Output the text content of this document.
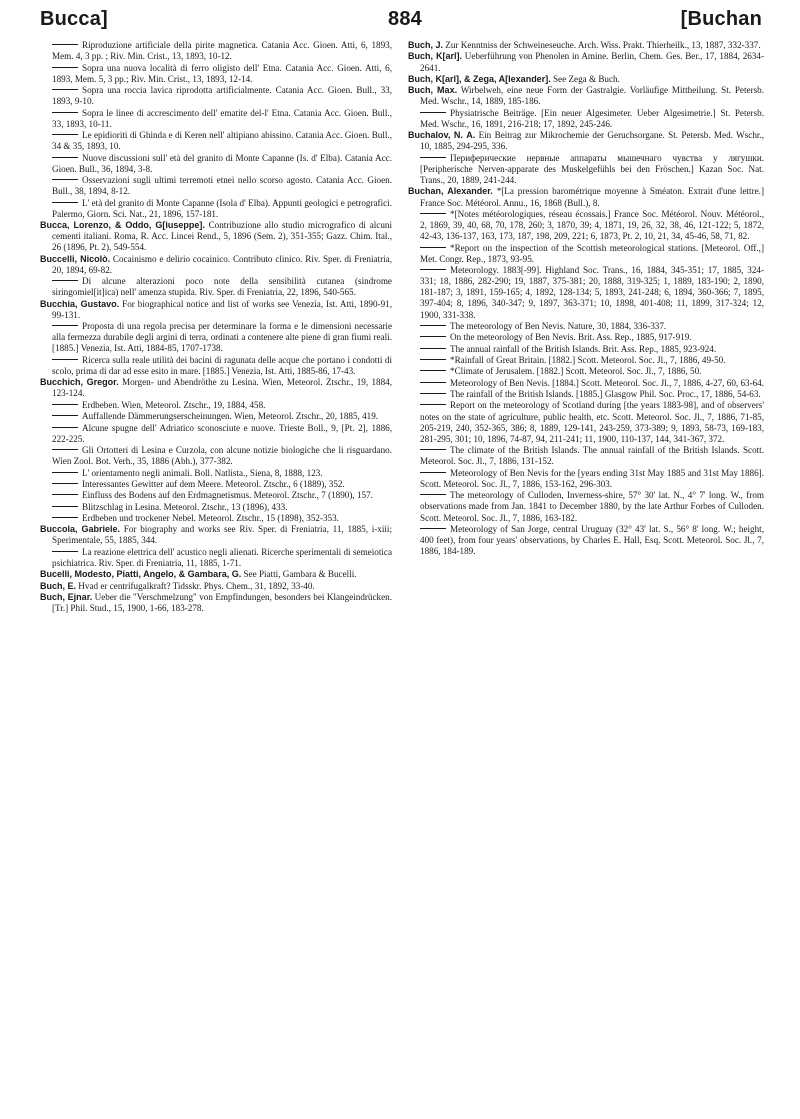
Bucca]	884	[Buchan

Riproduzione artificiale della pirite magnetica. Catania Acc. Gioen. Atti, 6, 1893, Mem. 4, 3 pp. ; Riv. Min. Crist., 13, 1893, 10-12.

Sopra una nuova località di ferro oligisto dell' Etna. Catania Acc. Gioen. Atti, 6, 1893, Mem. 5, 3 pp.; Riv. Min. Crist., 13, 1893, 12-14.

Sopra una roccia lavica riprodotta artificialmente. Catania Acc. Gioen. Bull., 33, 1893, 9-10.

Sopra le linee di accrescimento dell' ematite del-l' Etna. Catania Acc. Gioen. Bull., 33, 1893, 10-11.

Le epidioriti di Ghinda e di Keren nell' altipiano abissino. Catania Acc. Gioen. Bull., 34 & 35, 1893, 10.

Nuove discussioni sull' età del granito di Monte Capanne (Is. d' Elba). Catania Acc. Gioen. Bull., 36, 1894, 3-8.

Osservazioni sugli ultimi terremoti etnei nello scorso agosto. Catania Acc. Gioen. Bull., 38, 1894, 8-12.

L' età del granito di Monte Capanne (Isola d' Elba). Appunti geologici e petrografici. Palermo, Giorn. Sci. Nat., 21, 1896, 157-181.

Bucca, Lorenzo, & Oddo, G[iuseppe]. Contribuzione allo studio micrografico di alcuni cementi italiani. Roma, R. Acc. Lincei Rend., 5, 1896 (Sem. 2), 351-355; Gazz. Chim. Ital., 26 (1896, Pt. 2), 549-554.

Buccelli, Nicolò. Cocainismo e delirio cocainico. Contributo clinico. Riv. Sper. di Freniatria, 20, 1894, 69-82.

Di alcune alterazioni poco note della sensibilità cutanea (sindrome siringomiel[it]ica) nell' amenza stupida. Riv. Sper. di Freniatria, 22, 1896, 540-565.

Bucchia, Gustavo. For biographical notice and list of works see Venezia, Ist. Atti, 1890-91, 99-131.

Proposta di una regola precisa per determinare la forma e le dimensioni necessarie alla fermezza durabile degli argini di terra, ordinati a contenere alte piene di gran fiumi reali. [1885.] Venezia, Ist. Atti, 1884-85, 1707-1738.

Ricerca sulla reale utilità dei bacini di ragunata delle acque che portano i condotti di scolo, prima di dar ad esse esito in mare. [1885.] Venezia, Ist. Atti, 1885-86, 17-43.

Bucchich, Gregor. Morgen- und Abendröthe zu Lesina. Wien, Meteorol. Ztschr., 19, 1884, 123-124.

Erdbeben. Wien, Meteorol. Ztschr., 19, 1884, 458.

Auffallende Dämmerungserscheinungen. Wien, Meteorol. Ztschr., 20, 1885, 419.

Alcune spugne dell' Adriatico sconosciute e nuove. Trieste Boll., 9, [Pt. 2], 1886, 222-225.

Gli Ortotteri di Lesina e Curzola, con alcune notizie biologiche che li risguardano. Wien Zool. Bot. Verh., 35, 1886 (Abh.), 377-382.

L' orientamento negli animali. Boll. Natlista., Siena, 8, 1888, 123.

Interessantes Gewitter auf dem Meere. Meteorol. Ztschr., 6 (1889), 352.

Einfluss des Bodens auf den Erdmagnetismus. Meteorol. Ztschr., 7 (1890), 157.

Blitzschlag in Lesina. Meteorol. Ztschr., 13 (1896), 433.

Erdbeben und trockener Nebel. Meteorol. Ztschr., 15 (1898), 352-353.

Buccola, Gabriele. For biography and works see Riv. Sper. di Freniatria, 11, 1885, i-xiii; Sperimentale, 55, 1885, 344.

La reazione elettrica dell' acustico negli alienati. Ricerche sperimentali di semeiotica psichiatrica. Riv. Sper. di Freniatria, 11, 1885, 1-71.

Bucelli, Modesto, Piatti, Angelo, & Gambara, G. See Piatti, Gambara & Bucelli.

Buch, E. Hvad er centrifugalkraft? Tidsskr. Phys. Chem., 31, 1892, 33-40.

Buch, Ejnar. Ueber die "Verschmelzung" von Empfindungen, besonders bei Klangeindrücken. [Tr.] Phil. Stud., 15, 1900, 1-66, 183-278.

Buch, J. Zur Kenntniss der Schweineseuche. Arch. Wiss. Prakt. Thierheilk., 13, 1887, 332-337.

Buch, K[arl]. Ueberführung von Phenolen in Amine. Berlin, Chem. Ges. Ber., 17, 1884, 2634-2641.

Buch, K[arl], & Zega, A[lexander]. See Zega & Buch.

Buch, Max. Wirbelweh, eine neue Form der Gastralgie. Vorläufige Mittheilung. St. Petersb. Med. Wschr., 14, 1889, 185-186.

Physiatrische Beiträge. [Ein neuer Algesimeter. Ueber Algesimetrie.] St. Petersb. Med. Wschr., 16, 1891, 216-218; 17, 1892, 245-246.

Buchalov, N. A. Ein Beitrag zur Mikrochemie der Geruchsorgane. St. Petersb. Med. Wschr., 10, 1885, 294-295, 336.

Периферические нервные аппараты мышечнаго чувства у лягушки. [Peripherische Nerven-apparate des Muskelgefühls bei den Fröschen.] Kazan Soc. Nat. Trans., 20, 1889, 241-244.

Buchan, Alexander. *[La pression barométrique moyenne à Sméaton. Extrait d'une lettre.] France Soc. Météorol. Annu., 16, 1868 (Bull.), 8.

*[Notes météorologiques, réseau écossais.] France Soc. Météorol. Nouv. Météorol., 2, 1869, 39, 40, 68, 70, 178, 260; 3, 1870, 39; 4, 1871, 19, 26, 32, 38, 46, 121-122; 5, 1872, 42-43, 136-137, 163, 173, 187, 198, 209, 221; 6, 1873, Pt. 2, 10, 21, 34, 45-46, 58, 71, 82.

*Report on the inspection of the Scottish meteorological stations. [Meteorol. Off.,] Met. Congr. Rep., 1873, 93-95.

Meteorology. 1883[-99]. Highland Soc. Trans., 16, 1884, 345-351; 17, 1885, 324-331; 18, 1886, 282-290; 19, 1887, 375-381; 20, 1888, 319-325; 1, 1889, 183-190; 2, 1890, 181-187; 3, 1891, 159-165; 4, 1892, 128-134; 5, 1893, 241-248; 6, 1894, 360-366; 7, 1895, 397-404; 8, 1896, 340-347; 9, 1897, 363-371; 10, 1898, 401-408; 11, 1899, 317-324; 12, 1900, 331-338.

The meteorology of Ben Nevis. Nature, 30, 1884, 336-337.

On the meteorology of Ben Nevis. Brit. Ass. Rep., 1885, 917-919.

The annual rainfall of the British Islands. Brit. Ass. Rep., 1885, 923-924.

*Rainfall of Great Britain. [1882.] Scott. Meteorol. Soc. Jl., 7, 1886, 49-50.

*Climate of Jerusalem. [1882.] Scott. Meteorol. Soc. Jl., 7, 1886, 50.

Meteorology of Ben Nevis. [1884.] Scott. Meteorol. Soc. Jl., 7, 1886, 4-27, 60, 63-64.

The rainfall of the British Islands. [1885.] Glasgow Phil. Soc. Proc., 17, 1886, 54-63.

Report on the meteorology of Scotland during [the years 1883-98], and of observers' notes on the state of agriculture, public health, etc. Scott. Meteorol. Soc. Jl., 7, 1886, 71-85, 205-219, 240, 352-365, 386; 8, 1889, 129-141, 243-259, 373-389; 9, 1893, 58-73, 169-183, 281-295, 301; 10, 1896, 74-87, 94, 211-241; 11, 1900, 110-137, 144, 341-367, 372.

The climate of the British Islands. The annual rainfall of the British Islands. Scott. Meteorol. Soc. Jl., 7, 1886, 131-152.

Meteorology of Ben Nevis for the [years ending 31st May 1885 and 31st May 1886]. Scott. Meteorol. Soc. Jl., 7, 1886, 153-162, 296-303.

The meteorology of Culloden, Inverness-shire, 57° 30' lat. N., 4° 7' long. W., from observations made from Jan. 1841 to December 1880, by the late Arthur Forbes of Culloden. Scott. Meteorol. Soc. Jl., 7, 1886, 163-182.

Meteorology of San Jorge, central Uruguay (32° 43' lat. S., 56° 8' long. W.; height, 400 feet), from four years' observations, by Charles E. Hall, Esq. Scott. Meteorol. Soc. Jl., 7, 1886, 184-189.
